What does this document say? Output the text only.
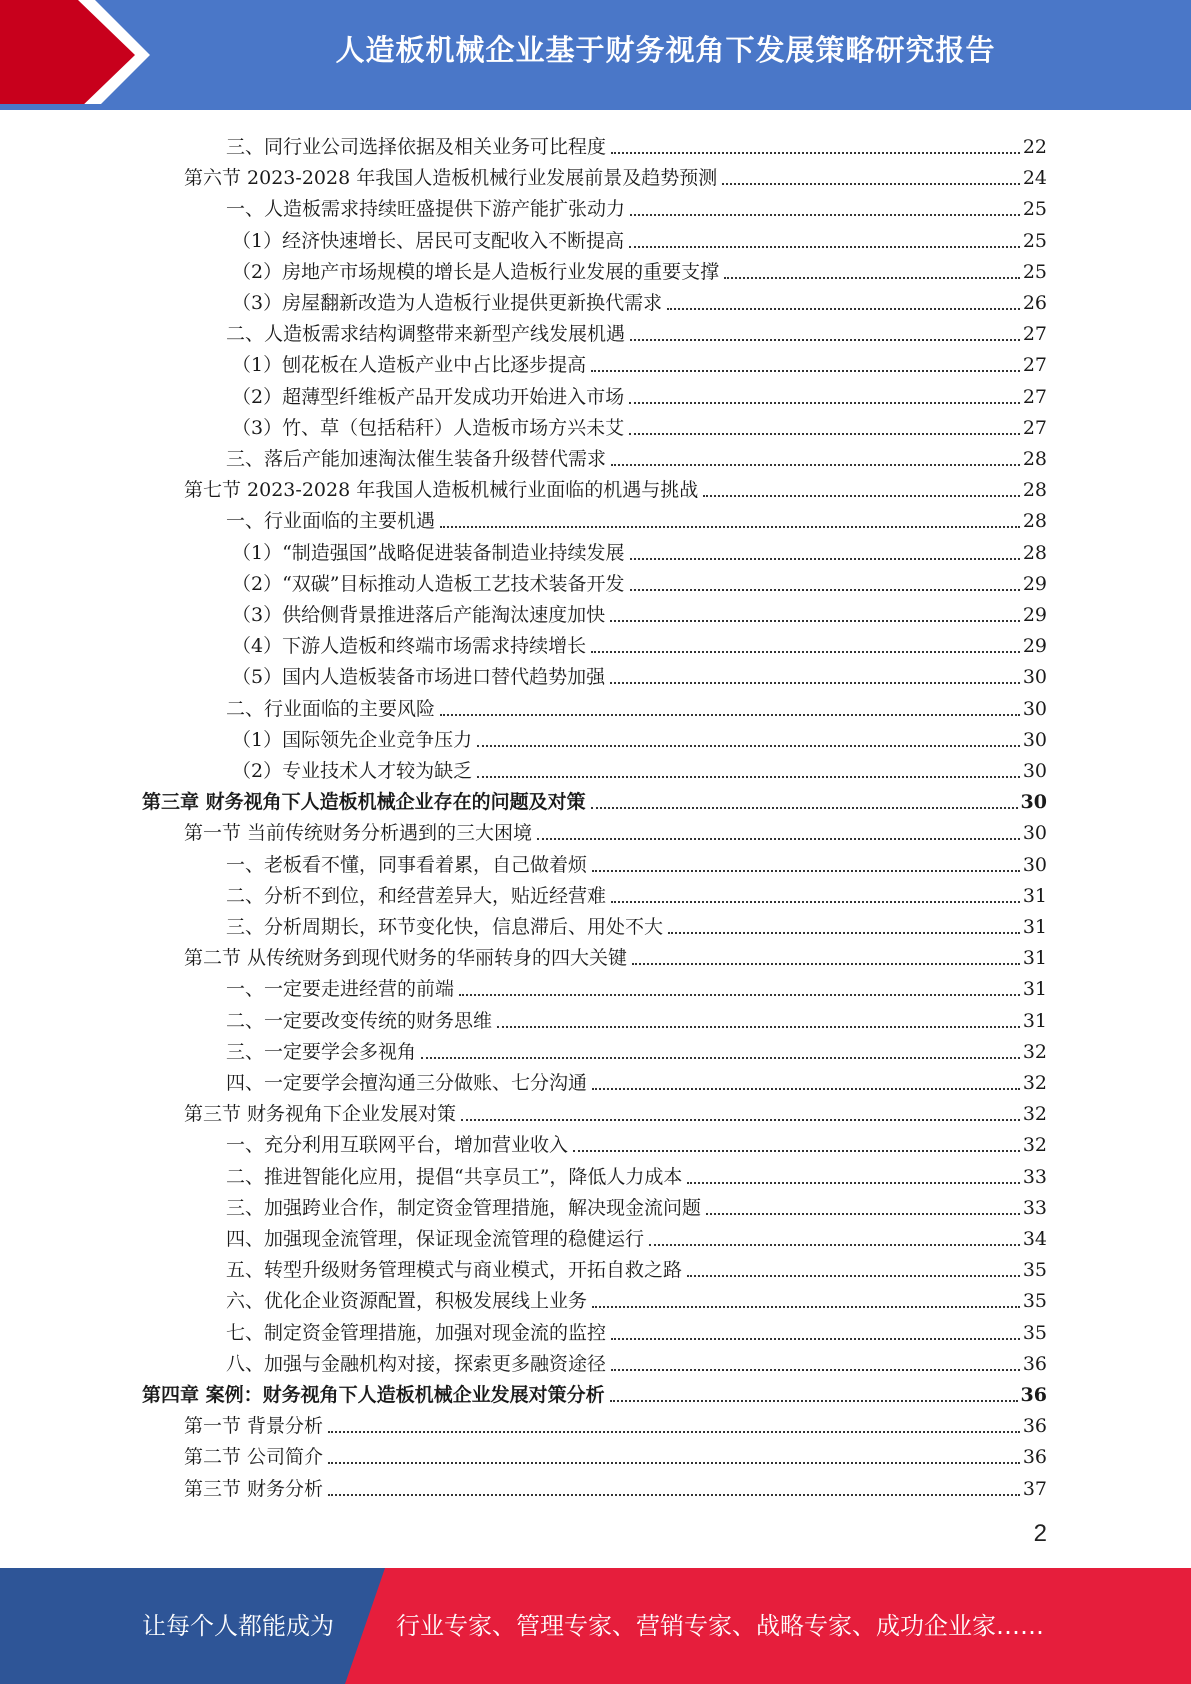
人造板机械企业基于财务视角下发展策略研究报告
三、同行业公司选择依据及相关业务可比程度	22
第六节 2023-2028 年我国人造板机械行业发展前景及趋势预测	24
一、人造板需求持续旺盛提供下游产能扩张动力	25
（1）经济快速增长、居民可支配收入不断提高	25
（2）房地产市场规模的增长是人造板行业发展的重要支撑	25
（3）房屋翻新改造为人造板行业提供更新换代需求	26
二、人造板需求结构调整带来新型产线发展机遇	27
（1）刨花板在人造板产业中占比逐步提高	27
（2）超薄型纤维板产品开发成功开始进入市场	27
（3）竹、草（包括秸秆）人造板市场方兴未艾	27
三、落后产能加速淘汰催生装备升级替代需求	28
第七节 2023-2028 年我国人造板机械行业面临的机遇与挑战	28
一、行业面临的主要机遇	28
（1）“制造强国”战略促进装备制造业持续发展	28
（2）“双碳”目标推动人造板工艺技术装备开发	29
（3）供给侧背景推进落后产能淘汰速度加快	29
（4）下游人造板和终端市场需求持续增长	29
（5）国内人造板装备市场进口替代趋势加强	30
二、行业面临的主要风险	30
（1）国际领先企业竞争压力	30
（2）专业技术人才较为缺乏	30
第三章 财务视角下人造板机械企业存在的问题及对策	30
第一节 当前传统财务分析遇到的三大困境	30
一、老板看不懂，同事看着累，自己做着烦	30
二、分析不到位，和经营差异大，贴近经营难	31
三、分析周期长，环节变化快，信息滞后、用处不大	31
第二节 从传统财务到现代财务的华丽转身的四大关键	31
一、一定要走进经营的前端	31
二、一定要改变传统的财务思维	31
三、一定要学会多视角	32
四、一定要学会擅沟通三分做账、七分沟通	32
第三节 财务视角下企业发展对策	32
一、充分利用互联网平台，增加营业收入	32
二、推进智能化应用，提倡“共享员工”，降低人力成本	33
三、加强跨业合作，制定资金管理措施，解决现金流问题	33
四、加强现金流管理，保证现金流管理的稳健运行	34
五、转型升级财务管理模式与商业模式，开拓自救之路	35
六、优化企业资源配置，积极发展线上业务	35
七、制定资金管理措施，加强对现金流的监控	35
八、加强与金融机构对接，探索更多融资途径	36
第四章 案例：财务视角下人造板机械企业发展对策分析	36
第一节 背景分析	36
第二节 公司简介	36
第三节 财务分析	37
2
让每个人都能成为	行业专家、管理专家、营销专家、战略专家、成功企业家……
